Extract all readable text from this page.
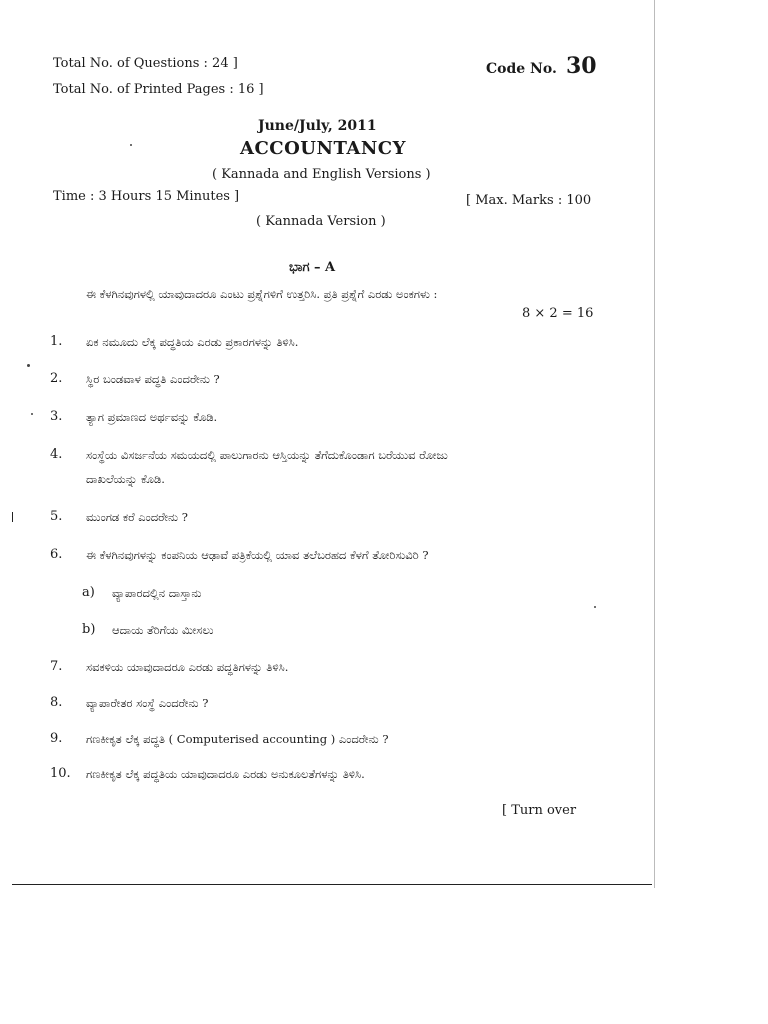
Total No. of Questions : 24 ]
Total No. of Printed Pages : 16 ]
Code No. 30
June/July, 2011
ACCOUNTANCY
( Kannada and English Versions )
Time : 3 Hours 15 Minutes ]	[ Max. Marks : 100
( Kannada Version )
ಭಾಗ – A
ಈ ಕೆಳಗಿನವುಗಳಲ್ಲಿ ಯಾವುದಾದರೂ ಎಂಟು ಪ್ರಶ್ನೆಗಳಿಗೆ ಉತ್ತರಿಸಿ. ಪ್ರತಿ ಪ್ರಶ್ನೆಗೆ ಎರಡು ಅಂಕಗಳು :
8 × 2 = 16
1. ಏಕ ನಮೂದು ಲೆಕ್ಕ ಪದ್ಧತಿಯ ಎರಡು ಪ್ರಕಾರಗಳನ್ನು ತಿಳಿಸಿ.
2. ಸ್ಥಿರ ಬಂಡವಾಳ ಪದ್ಧತಿ ಎಂದರೇನು ?
3. ತ್ಯಾಗ ಪ್ರಮಾಣದ ಅರ್ಥವನ್ನು ಕೊಡಿ.
4. ಸಂಸ್ಥೆಯ ವಿಸರ್ಜನೆಯ ಸಮಯದಲ್ಲಿ ಪಾಲುಗಾರನು ಆಸ್ತಿಯನ್ನು ತೆಗೆದುಕೊಂಡಾಗ ಬರೆಯುವ ರೋಜು
ದಾಖಲೆಯನ್ನು ಕೊಡಿ.
5. ಮುಂಗಡ ಕರೆ ಎಂದರೇನು ?
6. ಈ ಕೆಳಗಿನವುಗಳನ್ನು ಕಂಪನಿಯ ಆಢಾವೆ ಪತ್ರಿಕೆಯಲ್ಲಿ ಯಾವ ತಲೆಬರಹದ ಕೆಳಗೆ ತೋರಿಸುವಿರಿ ?
a) ವ್ಯಾಪಾರದಲ್ಲಿನ ದಾಸ್ತಾನು
b) ಆದಾಯ ತೆರಿಗೆಯ ಮೀಸಲು
7. ಸವಕಳಿಯ ಯಾವುದಾದರೂ ಎರಡು ಪದ್ಧತಿಗಳನ್ನು ತಿಳಿಸಿ.
8. ವ್ಯಾಪಾರೇತರ ಸಂಸ್ಥೆ ಎಂದರೇನು ?
9. ಗಣಕೀಕೃತ ಲೆಕ್ಕ ಪದ್ಧತಿ ( Computerised accounting ) ಎಂದರೇನು ?
10. ಗಣಕೀಕೃತ ಲೆಕ್ಕ ಪದ್ಧತಿಯ ಯಾವುದಾದರೂ ಎರಡು ಅನುಕೂಲತೆಗಳನ್ನು ತಿಳಿಸಿ.
[ Turn over
